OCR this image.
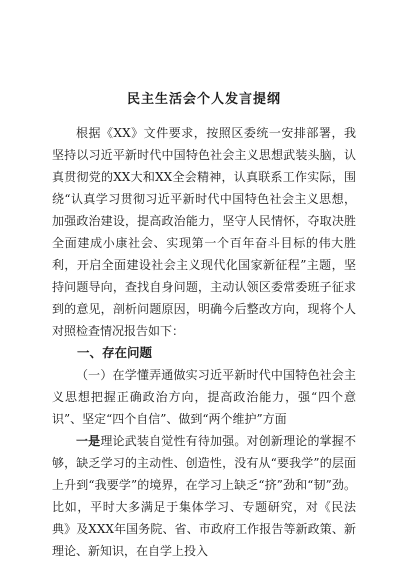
民主生活会个人发言提纲

根据《XX》文件要求，按照区委统一安排部署，我坚持以习近平新时代中国特色社会主义思想武装头脑，认真贯彻党的XX大和XX全会精神，认真联系工作实际，围绕“认真学习贯彻习近平新时代中国特色社会主义思想，加强政治建设，提高政治能力，坚守人民情怀，夺取决胜全面建成小康社会、实现第一个百年奋斗目标的伟大胜利，开启全面建设社会主义现代化国家新征程”主题，坚持问题导向，查找自身问题，主动认领区委常委班子征求到的意见，剖析问题原因，明确今后整改方向，现将个人对照检查情况报告如下：

一、存在问题

（一）在学懂弄通做实习近平新时代中国特色社会主义思想把握正确政治方向，提高政治能力，强“四个意识”、坚定“四个自信”、做到“两个维护”方面

一是理论武装自觉性有待加强。对创新理论的掌握不够，缺乏学习的主动性、创造性，没有从“要我学”的层面上升到“我要学”的境界，在学习上缺乏“挤”劲和“韧”劲。比如，平时大多满足于集体学习、专题研究，对《民法典》及XXX年国务院、省、市政府工作报告等新政策、新理论、新知识，在自学上投入
